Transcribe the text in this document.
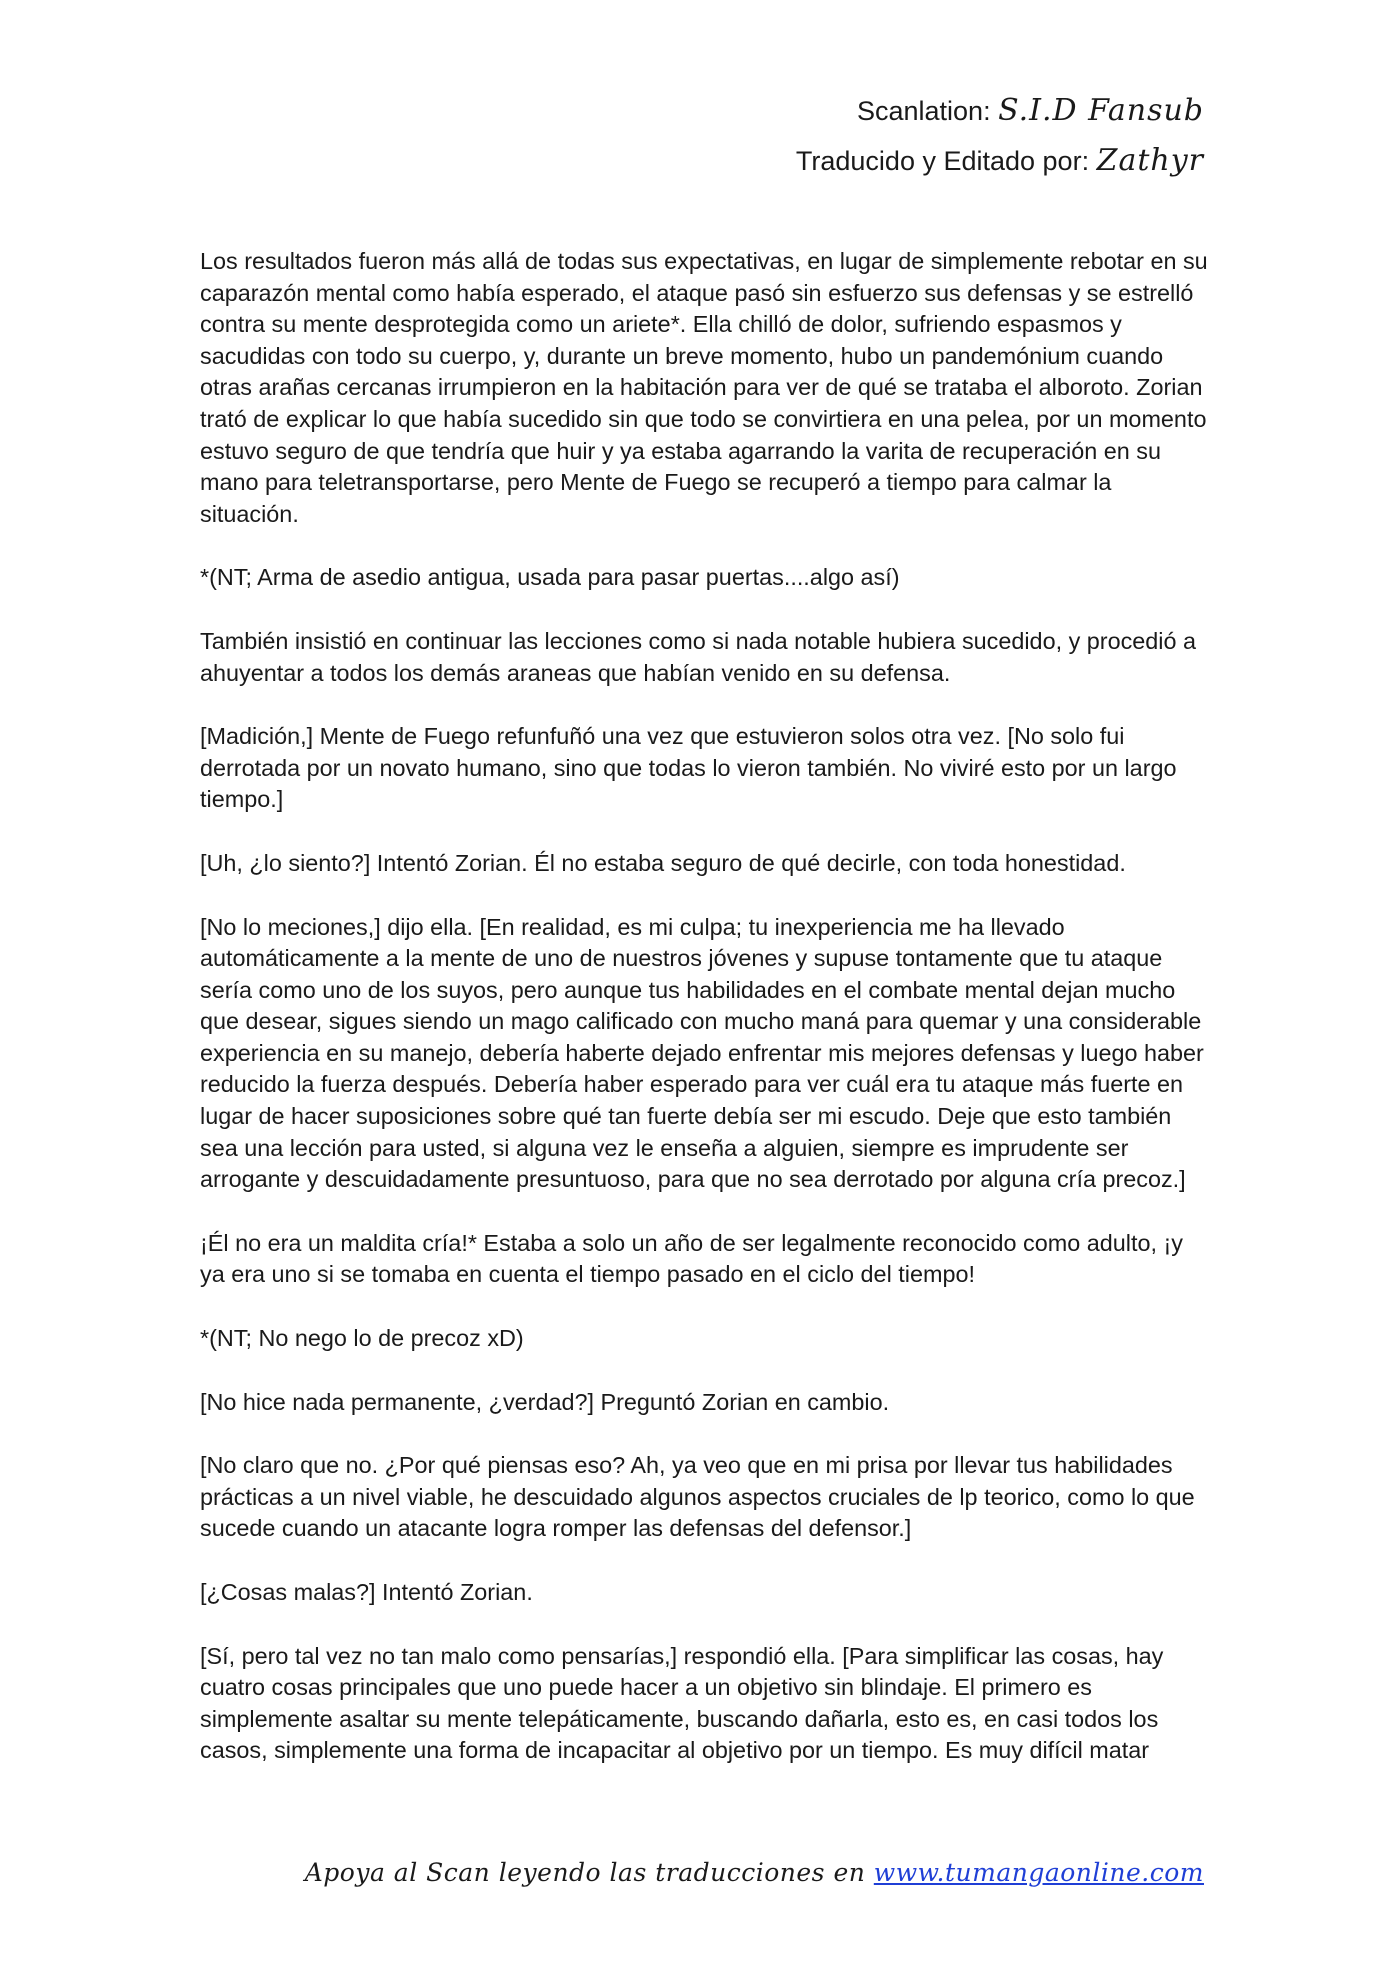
Scanlation: S.I.D Fansub
Traducido y Editado por: Zathyr

Los resultados fueron más allá de todas sus expectativas, en lugar de simplemente rebotar en su caparazón mental como había esperado, el ataque pasó sin esfuerzo sus defensas y se estrelló contra su mente desprotegida como un ariete*. Ella chilló de dolor, sufriendo espasmos y sacudidas con todo su cuerpo, y, durante un breve momento, hubo un pandemónium cuando otras arañas cercanas irrumpieron en la habitación para ver de qué se trataba el alboroto. Zorian trató de explicar lo que había sucedido sin que todo se convirtiera en una pelea, por un momento estuvo seguro de que tendría que huir y ya estaba agarrando la varita de recuperación en su mano para teletransportarse, pero Mente de Fuego se recuperó a tiempo para calmar la situación.

*(NT; Arma de asedio antigua, usada para pasar puertas....algo así)

También insistió en continuar las lecciones como si nada notable hubiera sucedido, y procedió a ahuyentar a todos los demás araneas que habían venido en su defensa.

[Madición,] Mente de Fuego refunfuñó una vez que estuvieron solos otra vez. [No solo fui derrotada por un novato humano, sino que todas lo vieron también. No viviré esto por un largo tiempo.]

[Uh, ¿lo siento?] Intentó Zorian. Él no estaba seguro de qué decirle, con toda honestidad.

[No lo meciones,] dijo ella. [En realidad, es mi culpa; tu inexperiencia me ha llevado automáticamente a la mente de uno de nuestros jóvenes y supuse tontamente que tu ataque sería como uno de los suyos, pero aunque tus habilidades en el combate mental dejan mucho que desear, sigues siendo un mago calificado con mucho maná para quemar y una considerable experiencia en su manejo, debería haberte dejado enfrentar mis mejores defensas y luego haber reducido la fuerza después. Debería haber esperado para ver cuál era tu ataque más fuerte en lugar de hacer suposiciones sobre qué tan fuerte debía ser mi escudo. Deje que esto también sea una lección para usted, si alguna vez le enseña a alguien, siempre es imprudente ser arrogante y descuidadamente presuntuoso, para que no sea derrotado por alguna cría precoz.]

¡Él no era un maldita cría!* Estaba a solo un año de ser legalmente reconocido como adulto, ¡y ya era uno si se tomaba en cuenta el tiempo pasado en el ciclo del tiempo!

*(NT; No nego lo de precoz xD)

[No hice nada permanente, ¿verdad?] Preguntó Zorian en cambio.

[No claro que no. ¿Por qué piensas eso? Ah, ya veo que en mi prisa por llevar tus habilidades prácticas a un nivel viable, he descuidado algunos aspectos cruciales de lp teorico, como lo que sucede cuando un atacante logra romper las defensas del defensor.]

[¿Cosas malas?] Intentó Zorian.

[Sí, pero tal vez no tan malo como pensarías,] respondió ella. [Para simplificar las cosas, hay cuatro cosas principales que uno puede hacer a un objetivo sin blindaje. El primero es simplemente asaltar su mente telepáticamente, buscando dañarla, esto es, en casi todos los casos, simplemente una forma de incapacitar al objetivo por un tiempo. Es muy difícil matar

Apoya al Scan leyendo las traducciones en www.tumangaonline.com
